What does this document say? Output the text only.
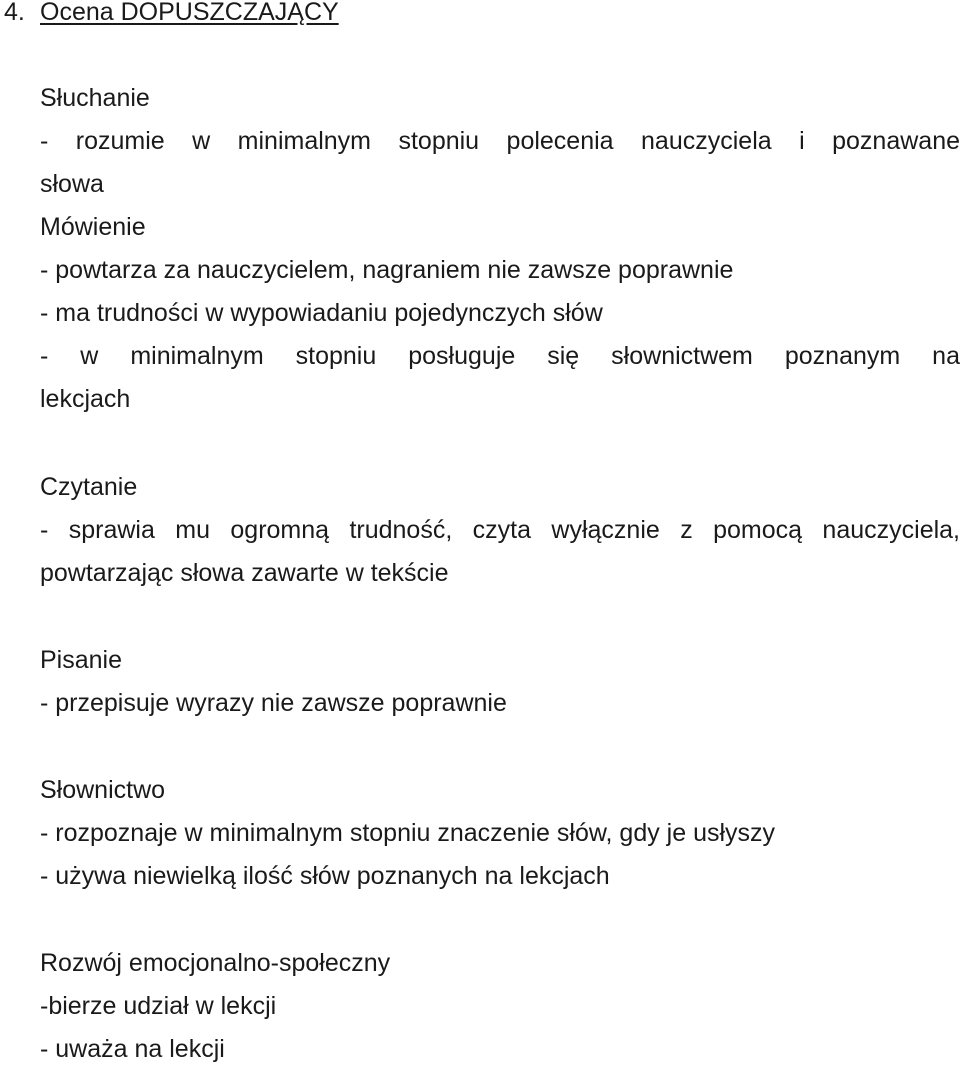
4. Ocena DOPUSZCZAJĄCY

Słuchanie

- rozumie w minimalnym stopniu polecenia nauczyciela i poznawane

słowa

Mówienie

- powtarza za nauczycielem, nagraniem nie zawsze poprawnie

- ma trudności w wypowiadaniu pojedynczych słów

- w minimalnym stopniu posługuje się słownictwem poznanym na

lekcjach

Czytanie

- sprawia mu ogromną trudność, czyta wyłącznie z pomocą nauczyciela,

powtarzając słowa zawarte w tekście

Pisanie

- przepisuje wyrazy nie zawsze poprawnie

Słownictwo

- rozpoznaje w minimalnym stopniu znaczenie słów, gdy je usłyszy

- używa niewielką ilość słów poznanych na lekcjach

Rozwój emocjonalno-społeczny

-bierze udział w lekcji

- uważa na lekcji
